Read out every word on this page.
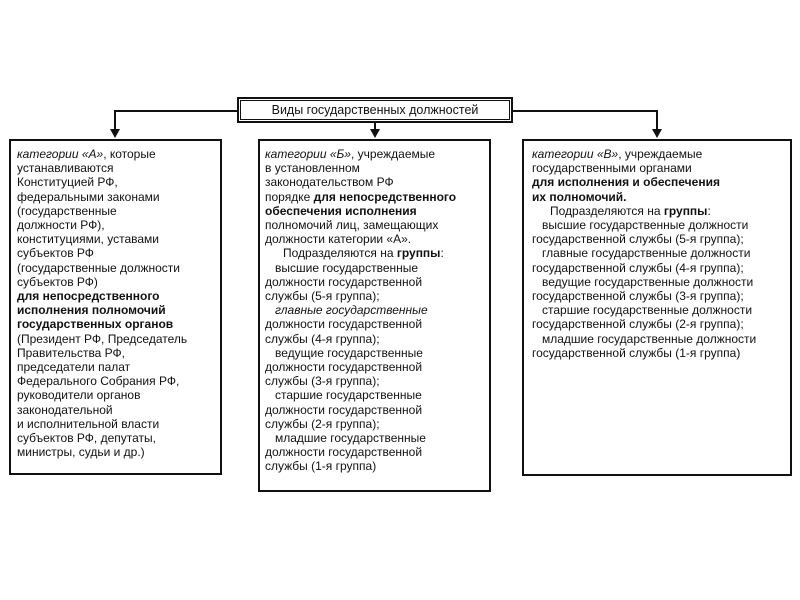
Виды государственных должностей

категории «А», которые

устанавливаются

Конституцией РФ,

федеральными законами

(государственные

должности РФ),

конституциями, уставами

субъектов РФ

(государственные должности

субъектов РФ)

для непосредственного

исполнения полномочий

государственных органов

(Президент РФ, Председатель

Правительства РФ,

председатели палат

Федерального Собрания РФ,

руководители органов

законодательной

и исполнительной власти

субъектов РФ, депутаты,

министры, судьи и др.)

категории «Б», учреждаемые

в установленном

законодательством РФ

порядке для непосредственного

обеспечения исполнения

полномочий лиц, замещающих

должности категории «А».

Подразделяются на группы:

высшие государственные

должности государственной

службы (5-я группа);

главные государственные

должности государственной

службы (4-я группа);

ведущие государственные

должности государственной

службы (3-я группа);

старшие государственные

должности государственной

службы (2-я группа);

младшие государственные

должности государственной

службы (1-я группа)

категории «В», учреждаемые

государственными органами

для исполнения и обеспечения

их полномочий.

Подразделяются на группы:

высшие государственные должности

государственной службы (5-я группа);

главные государственные должности

государственной службы (4-я группа);

ведущие государственные должности

государственной службы (3-я группа);

старшие государственные должности

государственной службы (2-я группа);

младшие государственные должности

государственной службы (1-я группа)
